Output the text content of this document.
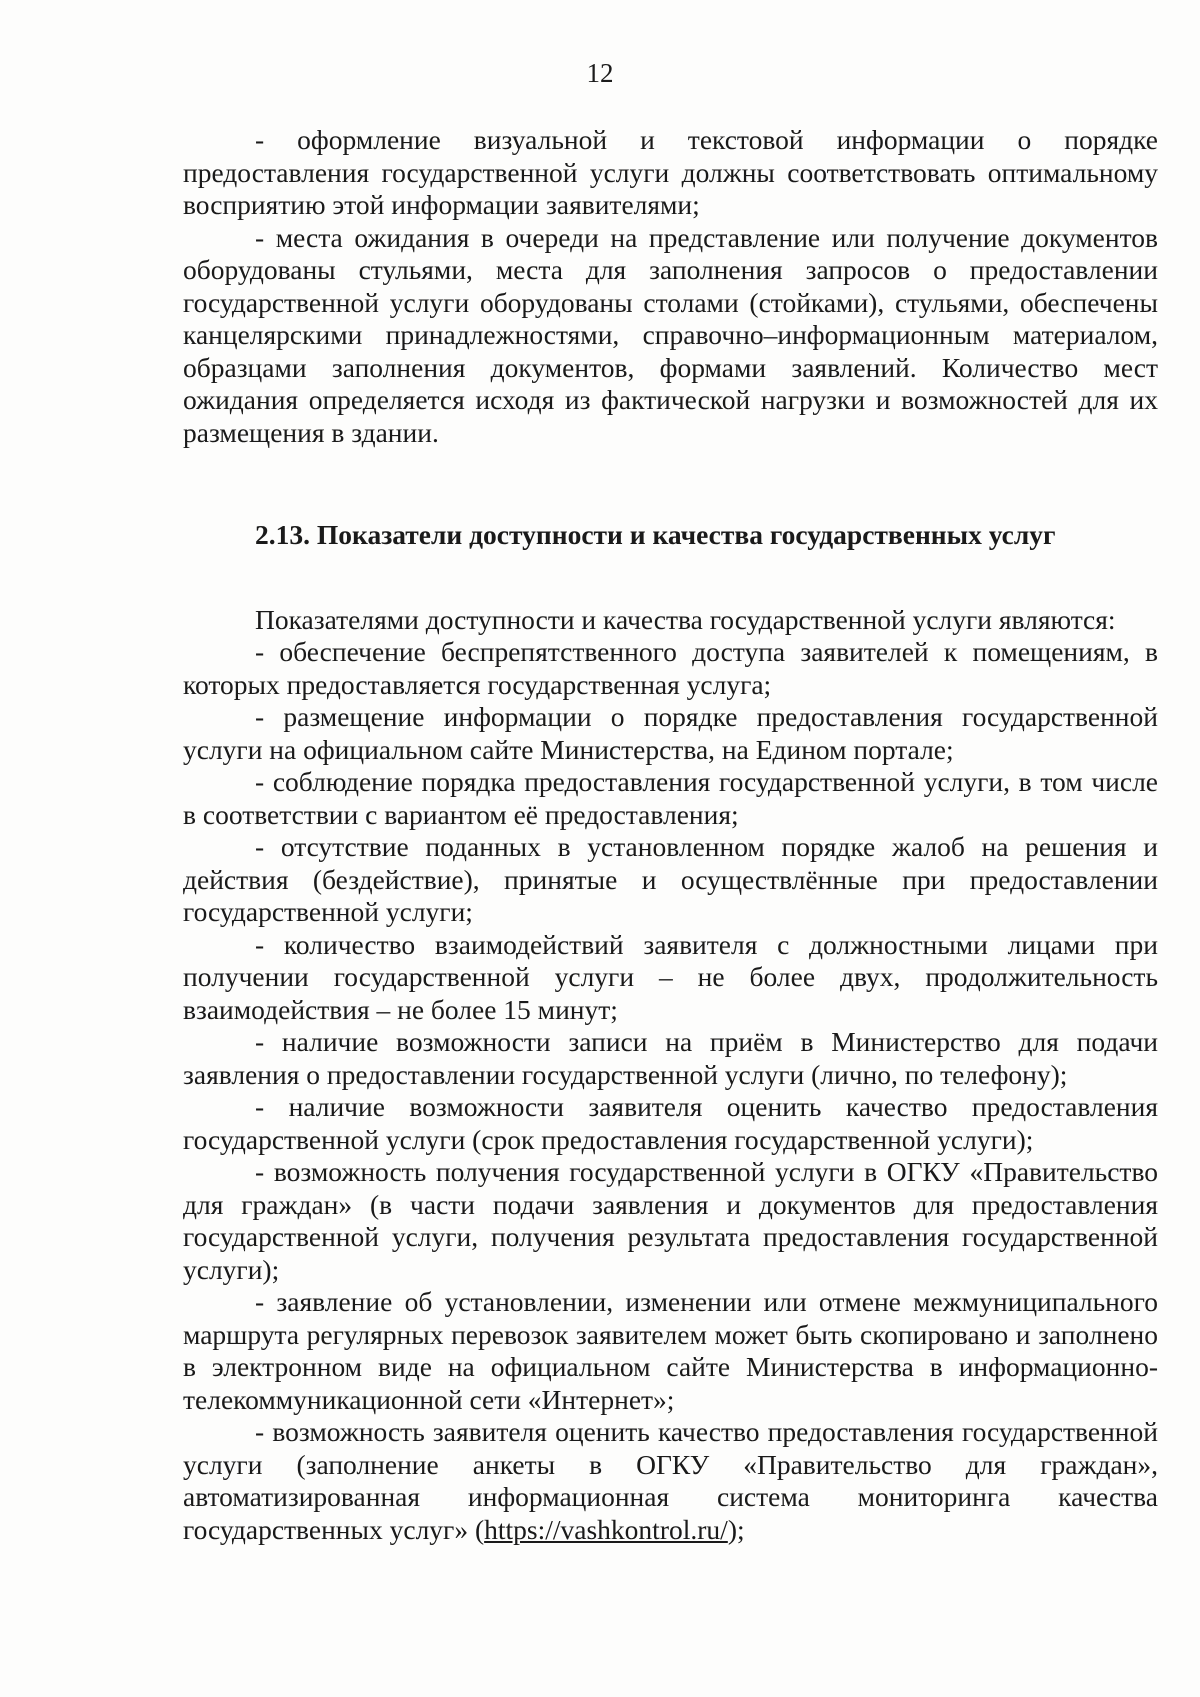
12

- оформление визуальной и текстовой информации о порядке предоставления государственной услуги должны соответствовать оптимальному восприятию этой информации заявителями;

- места ожидания в очереди на представление или получение документов оборудованы стульями, места для заполнения запросов о предоставлении государственной услуги оборудованы столами (стойками), стульями, обеспечены канцелярскими принадлежностями, справочно–информационным материалом, образцами заполнения документов, формами заявлений. Количество мест ожидания определяется исходя из фактической нагрузки и возможностей для их размещения в здании.

2.13. Показатели доступности и качества государственных услуг

Показателями доступности и качества государственной услуги являются:

- обеспечение беспрепятственного доступа заявителей к помещениям, в которых предоставляется государственная услуга;

- размещение информации о порядке предоставления государственной услуги на официальном сайте Министерства, на Едином портале;

- соблюдение порядка предоставления государственной услуги, в том числе в соответствии с вариантом её предоставления;

- отсутствие поданных в установленном порядке жалоб на решения и действия (бездействие), принятые и осуществлённые при предоставлении государственной услуги;

- количество взаимодействий заявителя с должностными лицами при получении государственной услуги – не более двух, продолжительность взаимодействия – не более 15 минут;

- наличие возможности записи на приём в Министерство для подачи заявления о предоставлении государственной услуги (лично, по телефону);

- наличие возможности заявителя оценить качество предоставления государственной услуги (срок предоставления государственной услуги);

- возможность получения государственной услуги в ОГКУ «Правительство для граждан» (в части подачи заявления и документов для предоставления государственной услуги, получения результата предоставления государственной услуги);

- заявление об установлении, изменении или отмене межмуниципального маршрута регулярных перевозок заявителем может быть скопировано и заполнено в электронном виде на официальном сайте Министерства в информационно-телекоммуникационной сети «Интернет»;

- возможность заявителя оценить качество предоставления государственной услуги (заполнение анкеты в ОГКУ «Правительство для граждан», автоматизированная информационная система мониторинга качества государственных услуг» (https://vashkontrol.ru/);
